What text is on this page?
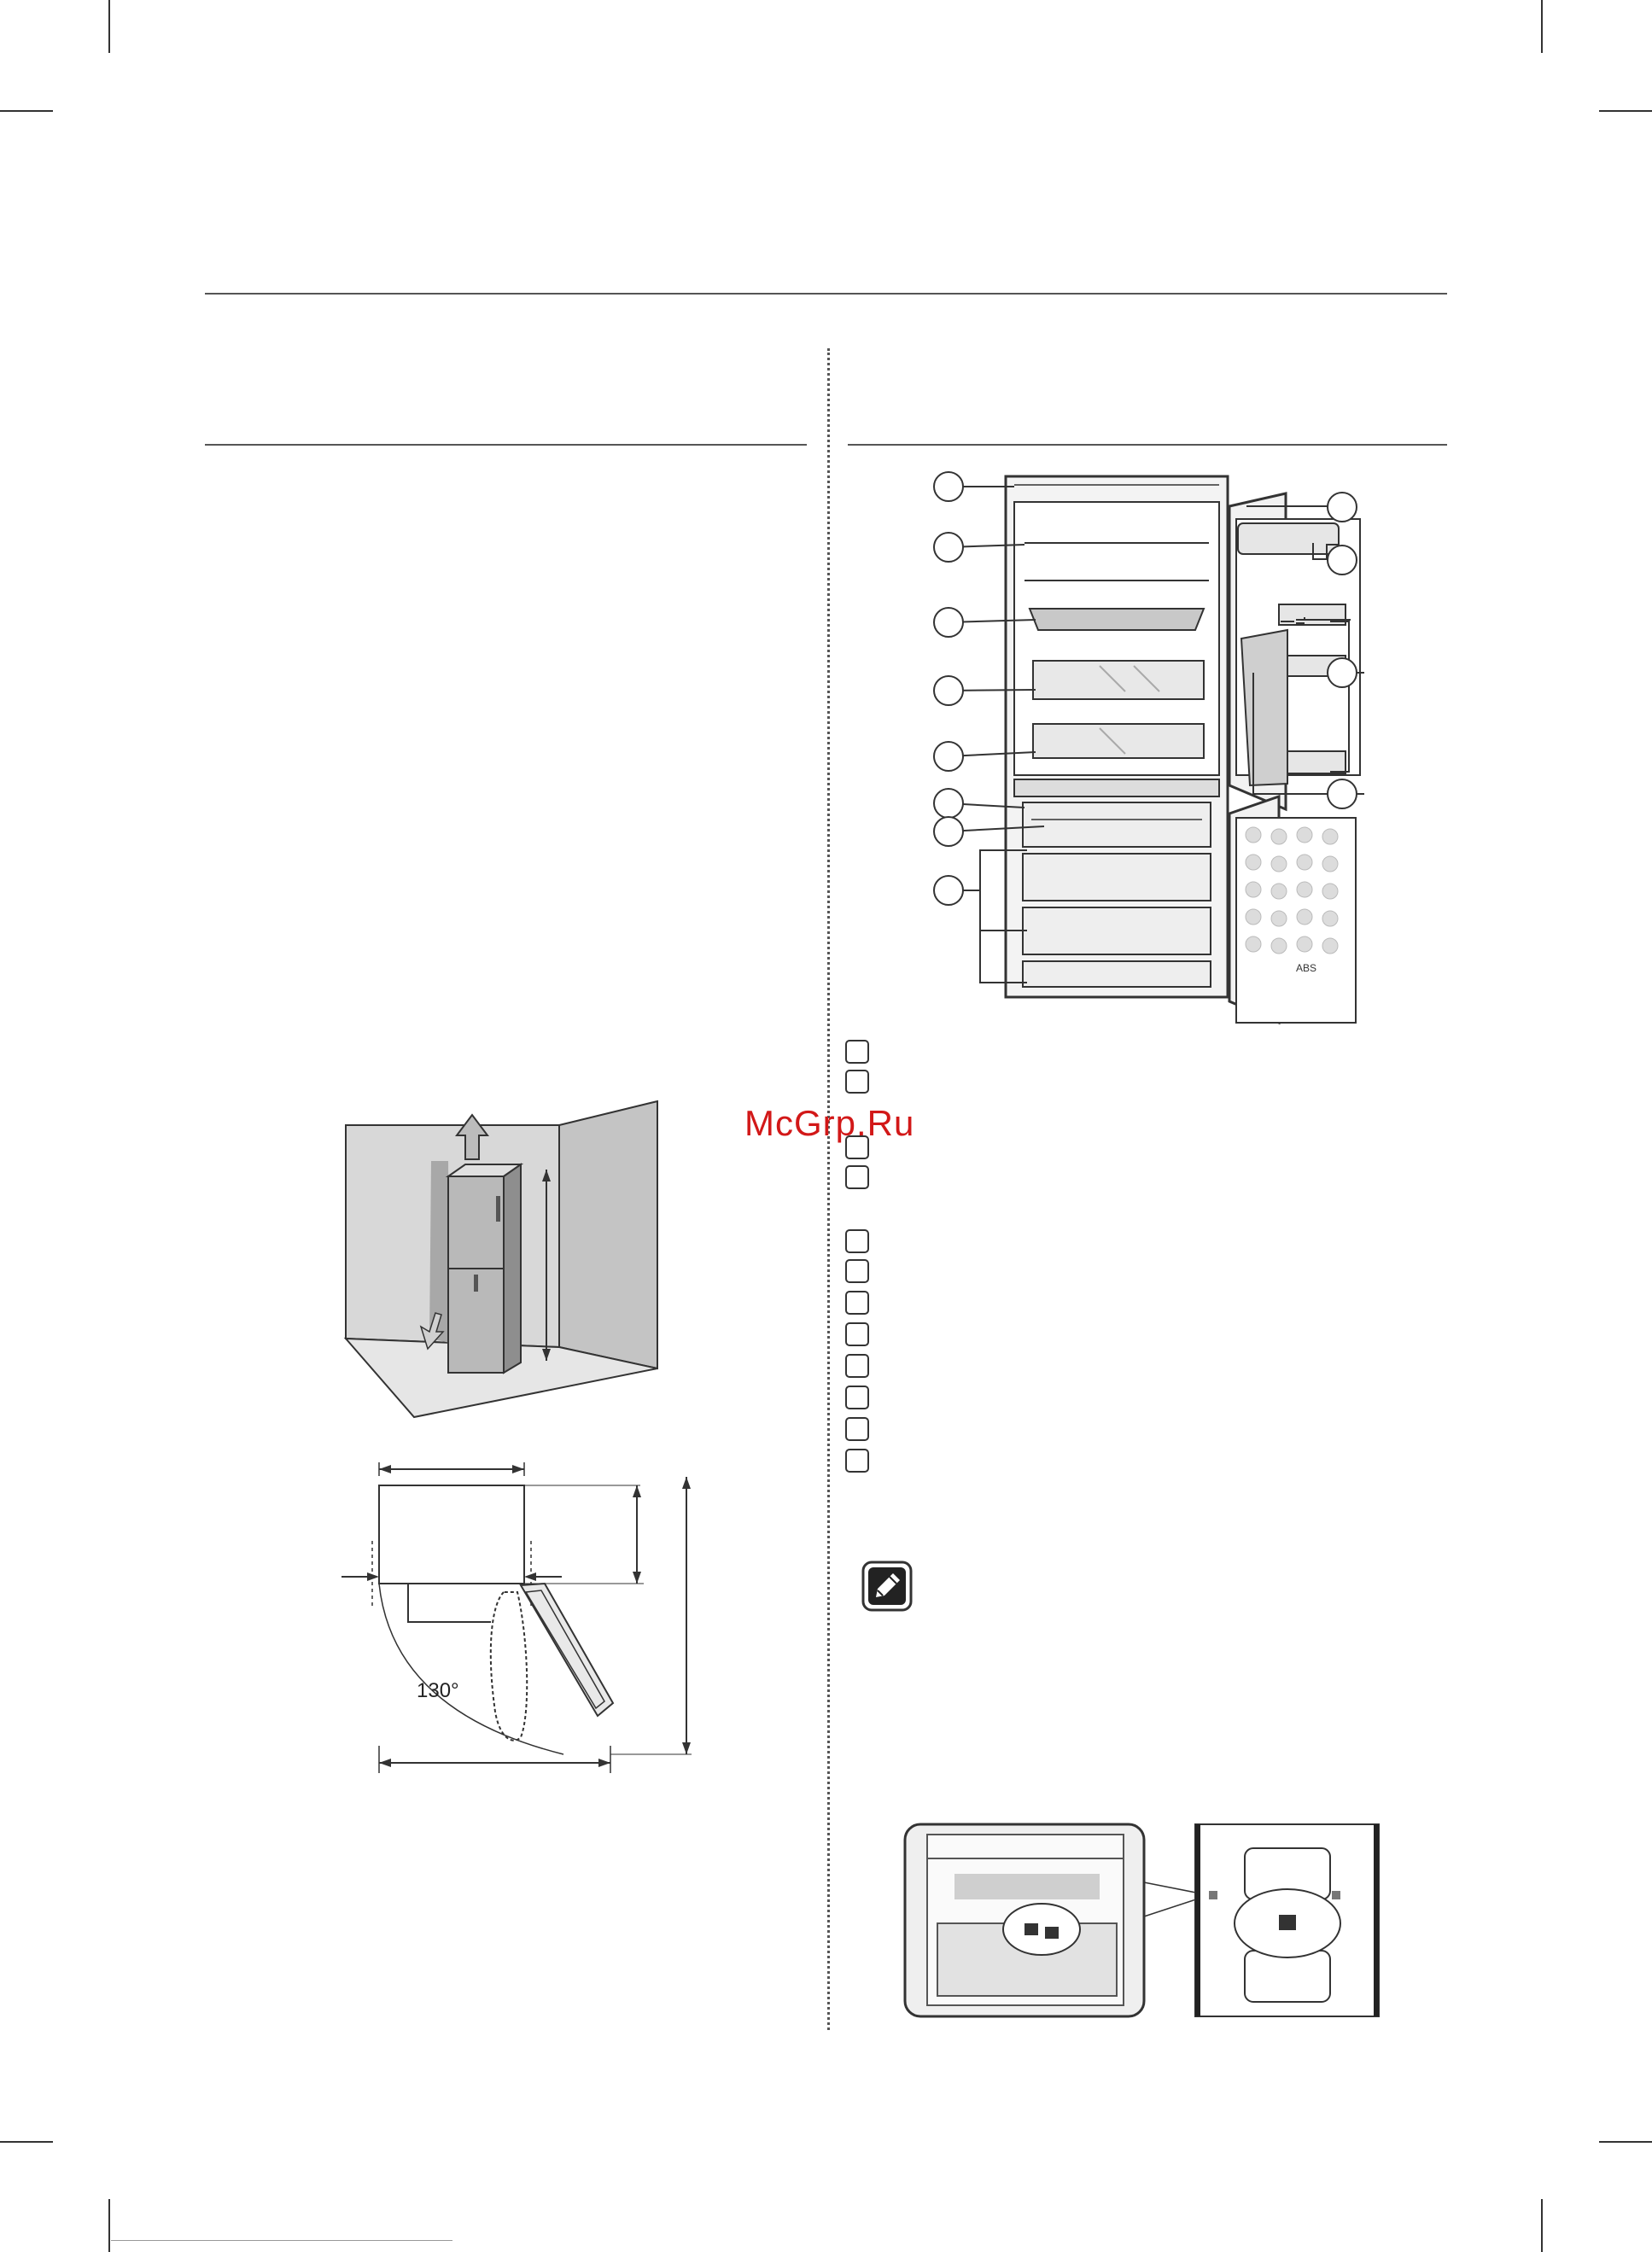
McGrp.Ru
130°
ABS
